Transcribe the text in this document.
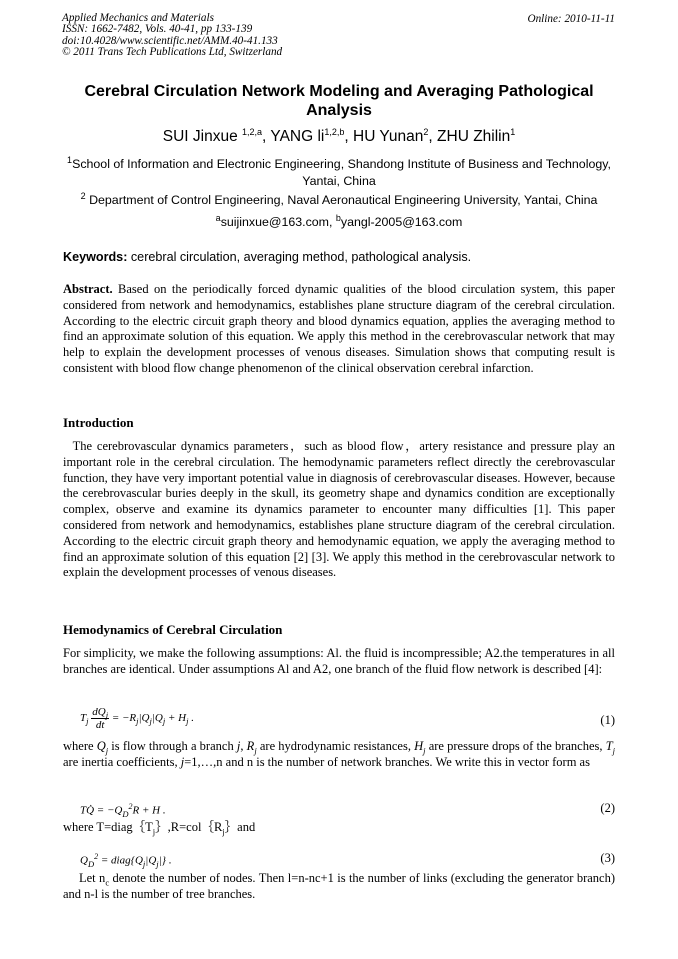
Applied Mechanics and Materials
ISSN: 1662-7482, Vols. 40-41, pp 133-139
doi:10.4028/www.scientific.net/AMM.40-41.133
© 2011 Trans Tech Publications Ltd, Switzerland
Online: 2010-11-11
Cerebral Circulation Network Modeling and Averaging Pathological Analysis
SUI Jinxue $^{1,2,a}$, YANG li$^{1,2,b}$, HU Yunan$^2$, ZHU Zhilin$^1$
$^1$School of Information and Electronic Engineering, Shandong Institute of Business and Technology, Yantai, China
$^2$ Department of Control Engineering, Naval Aeronautical Engineering University, Yantai, China
$^a$suijinxue@163.com, $^b$yangl-2005@163.com
Keywords: cerebral circulation, averaging method, pathological analysis.
Abstract. Based on the periodically forced dynamic qualities of the blood circulation system, this paper considered from network and hemodynamics, establishes plane structure diagram of the cerebral circulation. According to the electric circuit graph theory and blood dynamics equation, applies the averaging method to find an approximate solution of this equation. We apply this method in the cerebrovascular network that may help to explain the development processes of venous diseases. Simulation shows that computing result is consistent with blood flow change phenomenon of the clinical observation cerebral infarction.
Introduction
The cerebrovascular dynamics parameters，such as blood flow，artery resistance and pressure play an important role in the cerebral circulation. The hemodynamic parameters reflect directly the cerebrovascular function, they have very important potential value in diagnosis of cerebrovascular diseases. However, because the cerebrovascular buries deeply in the skull, its geometry shape and dynamics condition are exceptionally complex, observe and examine its dynamics parameter to encounter many difficulties [1]. This paper considered from network and hemodynamics, establishes plane structure diagram of the cerebral circulation. According to the electric circuit graph theory and hemodynamic equation, we apply the averaging method to find an approximate solution of this equation [2] [3]. We apply this method in the cerebrovascular network to explain the development processes of venous diseases.
Hemodynamics of Cerebral Circulation
For simplicity, we make the following assumptions: Al. the fluid is incompressible; A2.the temperatures in all branches are identical. Under assumptions Al and A2, one branch of the fluid flow network is described [4]:
$T_j \frac{dQ_j}{dt} = -R_j|Q_j|Q_j + H_j$ .	(1)
where $Q_j$ is flow through a branch j, $R_j$ are hydrodynamic resistances, $H_j$ are pressure drops of the branches, $T_j$ are inertia coefficients, j=1,…,n and n is the number of network branches. We write this in vector form as
TQ̇ = $-Q_D^2R + H$ .	(2)
where $T=diag\{T_j\},R=col\{R_j\}and$
$Q_D^2$ = $diag\{Q_j|Q_j|\}$ .	(3)
Let $n_c$ denote the number of nodes. Then l=n-nc+1 is the number of links (excluding the generator branch) and n-l is the number of tree branches.
